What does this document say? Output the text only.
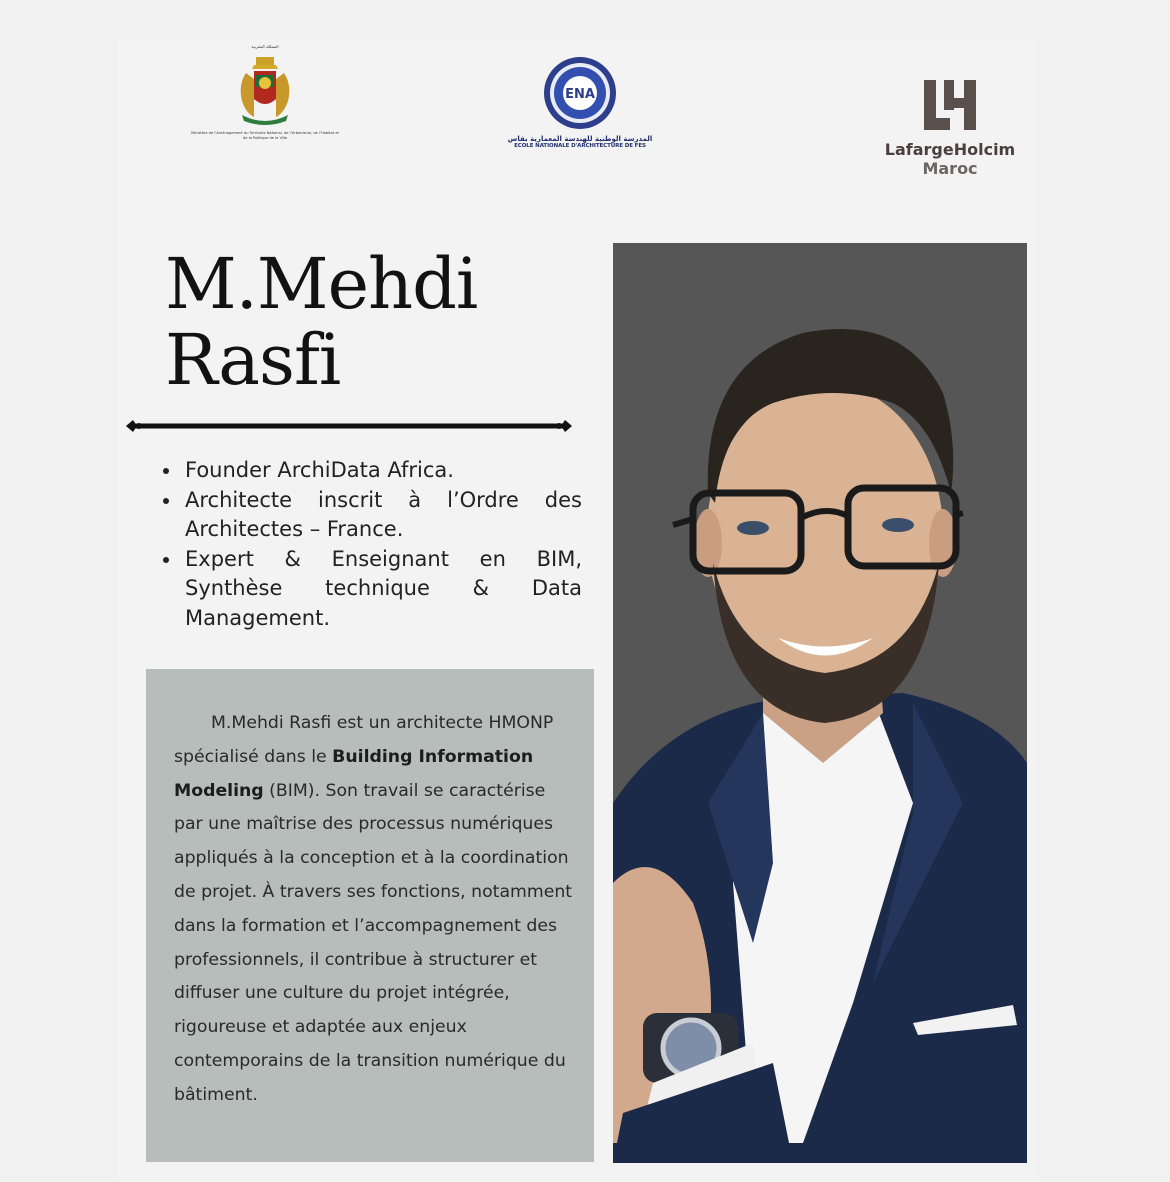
المملكة المغربية
Ministère de l'Aménagement du Territoire National, de l'Urbanisme, de l'Habitat et de la Politique de la Ville
ENA
المدرسة الوطنية للهندسة المعمارية بفاس
ECOLE NATIONALE D'ARCHITECTURE DE FES	LafargeHolcim
Maroc
M.Mehdi
Rasfi
Founder ArchiData Africa.
Architecte inscrit à l’Ordre des Architectes – France.
Expert & Enseignant en BIM, Synthèse technique & Data Management.
M.Mehdi Rasfi est un architecte HMONP spécialisé dans le Building Information Modeling (BIM). Son travail se caractérise par une maîtrise des processus numériques appliqués à la conception et à la coordination de projet. À travers ses fonctions, notamment dans la formation et l’accompagnement des professionnels, il contribue à structurer et diffuser une culture du projet intégrée, rigoureuse et adaptée aux enjeux contemporains de la transition numérique du bâtiment.
